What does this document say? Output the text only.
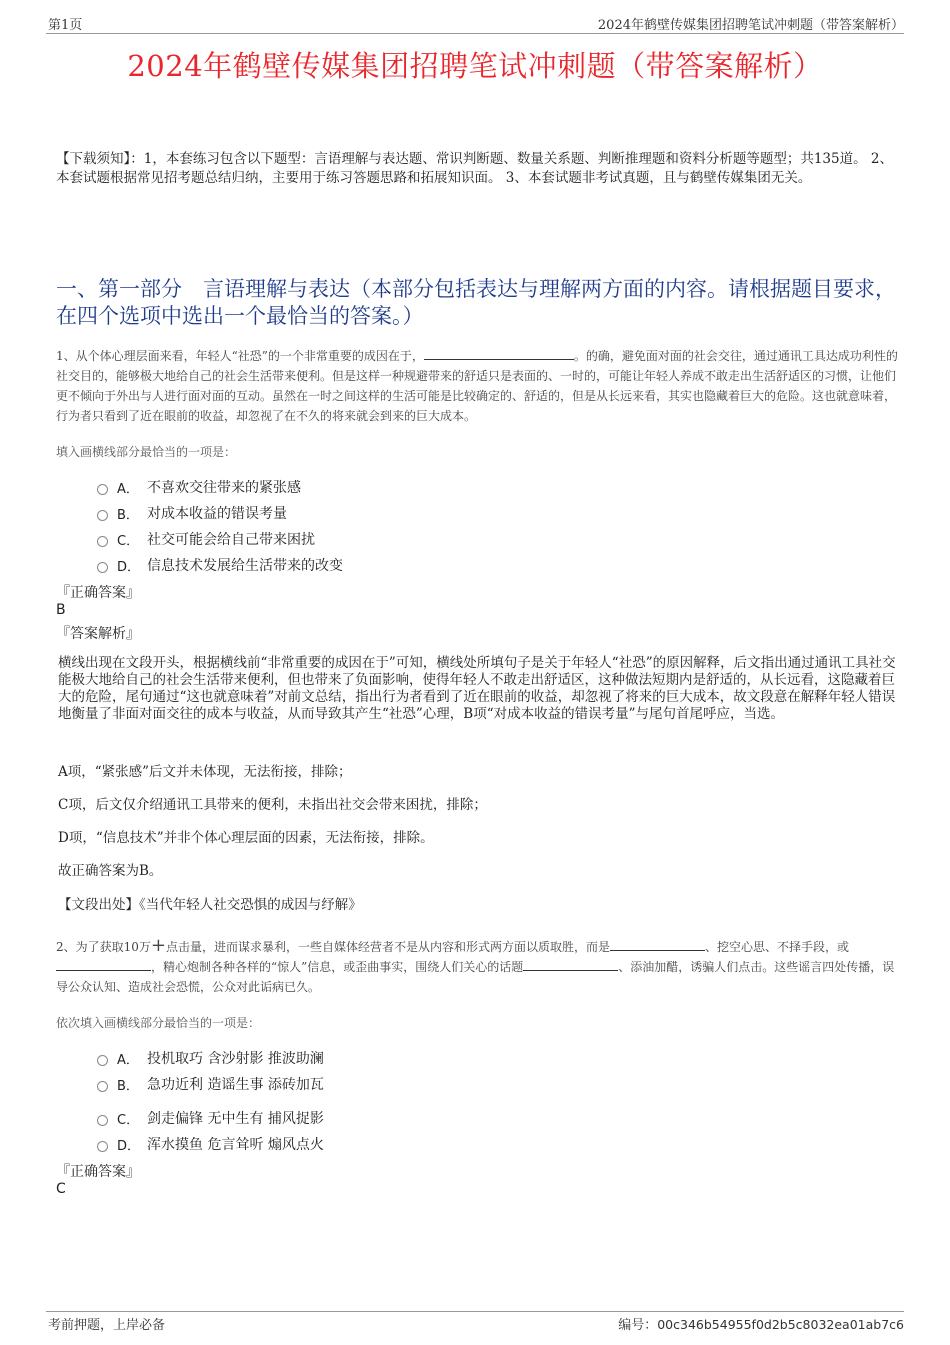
第1页	2024年鹤壁传媒集团招聘笔试冲刺题（带答案解析）
2024年鹤壁传媒集团招聘笔试冲刺题（带答案解析）
【下载须知】：1，本套练习包含以下题型：言语理解与表达题、常识判断题、数量关系题、判断推理题和资料分析题等题型；共135道。 2、本套试题根据常见招考题总结归纳，主要用于练习答题思路和拓展知识面。 3、本套试题非考试真题，且与鹤壁传媒集团无关。
一、第一部分　言语理解与表达（本部分包括表达与理解两方面的内容。请根据题目要求，在四个选项中选出一个最恰当的答案。）
1、从个体心理层面来看，年轻人“社恐”的一个非常重要的成因在于，	。的确，避免面对面的社会交往，通过通讯工具达成功利性的社交目的，能够极大地给自己的社会生活带来便利。但是这样一种规避带来的舒适只是表面的、一时的，可能让年轻人养成不敢走出生活舒适区的习惯，让他们更不倾向于外出与人进行面对面的互动。虽然在一时之间这样的生活可能是比较确定的、舒适的，但是从长远来看，其实也隐藏着巨大的危险。这也就意味着，行为者只看到了近在眼前的收益，却忽视了在不久的将来就会到来的巨大成本。
填入画横线部分最恰当的一项是：
A． 不喜欢交往带来的紧张感
B． 对成本收益的错误考量
C． 社交可能会给自己带来困扰
D． 信息技术发展给生活带来的改变
『正确答案』
B
『答案解析』
横线出现在文段开头，根据横线前“非常重要的成因在于”可知，横线处所填句子是关于年轻人“社恐”的原因解释，后文指出通过通讯工具社交能极大地给自己的社会生活带来便利，但也带来了负面影响，使得年轻人不敢走出舒适区，这种做法短期内是舒适的，从长远看，这隐藏着巨大的危险，尾句通过“这也就意味着”对前文总结，指出行为者看到了近在眼前的收益，却忽视了将来的巨大成本，故文段意在解释年轻人错误地衡量了非面对面交往的成本与收益，从而导致其产生“社恐”心理，B项“对成本收益的错误考量”与尾句首尾呼应，当选。
A项，“紧张感”后文并未体现，无法衔接，排除；
C项，后文仅介绍通讯工具带来的便利，未指出社交会带来困扰，排除；
D项，“信息技术”并非个体心理层面的因素，无法衔接，排除。
故正确答案为B。
【文段出处】《当代年轻人社交恐惧的成因与纾解》
2、为了获取10万+点击量，进而谋求暴利，一些自媒体经营者不是从内容和形式两方面以质取胜，而是	、挖空心思、不择手段，或，精心炮制各种各样的“惊人”信息，或歪曲事实，围绕人们关心的话题	、添油加醋，诱骗人们点击。这些谣言四处传播，误导公众认知、造成社会恐慌，公众对此诟病已久。
依次填入画横线部分最恰当的一项是：
A． 投机取巧 含沙射影 推波助澜
B． 急功近利 造谣生事 添砖加瓦
C． 剑走偏锋 无中生有 捕风捉影
D． 浑水摸鱼 危言耸听 煽风点火
『正确答案』
C
考前押题，上岸必备	编号：00c346b54955f0d2b5c8032ea01ab7c6
